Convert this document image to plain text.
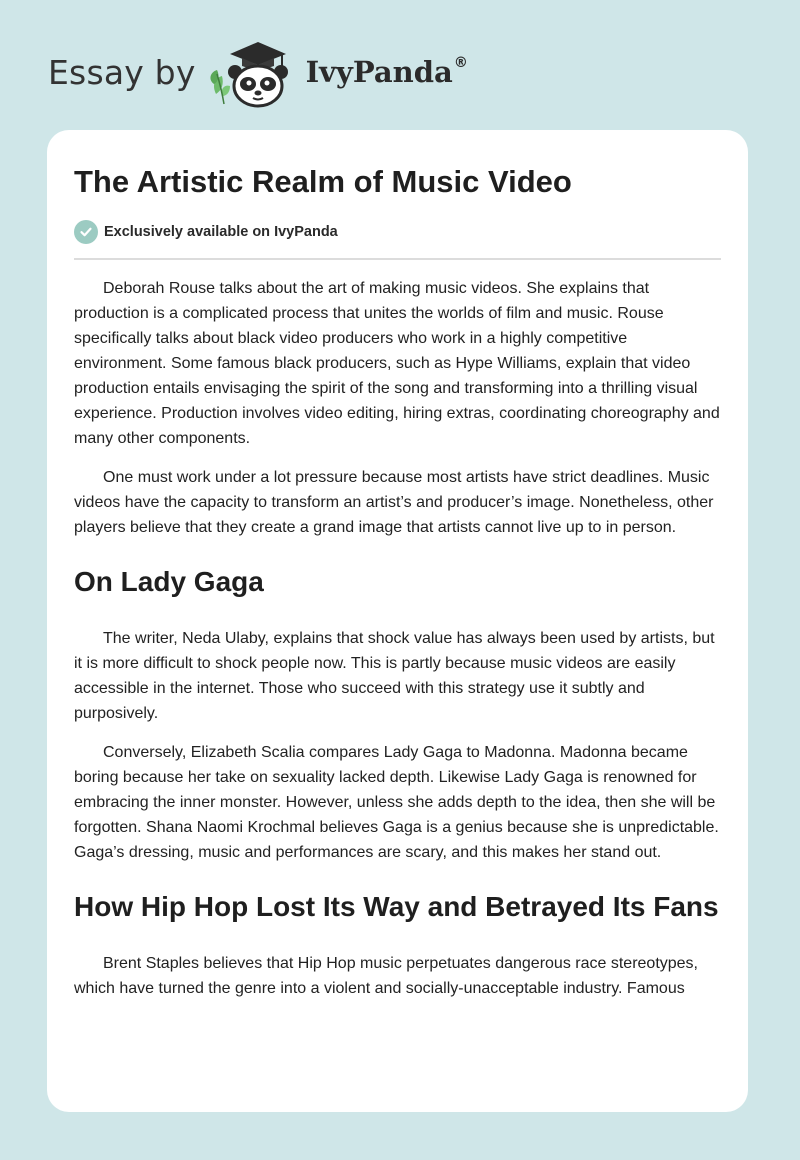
Essay by	IvyPanda®
The Artistic Realm of Music Video
Exclusively available on IvyPanda

Deborah Rouse talks about the art of making music videos. She explains that production is a complicated process that unites the worlds of film and music. Rouse specifically talks about black video producers who work in a highly competitive environment. Some famous black producers, such as Hype Williams, explain that video production entails envisaging the spirit of the song and transforming into a thrilling visual experience. Production involves video editing, hiring extras, coordinating choreography and many other components.

One must work under a lot pressure because most artists have strict deadlines. Music videos have the capacity to transform an artist’s and producer’s image. Nonetheless, other players believe that they create a grand image that artists cannot live up to in person.

On Lady Gaga

The writer, Neda Ulaby, explains that shock value has always been used by artists, but it is more difficult to shock people now. This is partly because music videos are easily accessible in the internet. Those who succeed with this strategy use it subtly and purposively.

Conversely, Elizabeth Scalia compares Lady Gaga to Madonna. Madonna became boring because her take on sexuality lacked depth. Likewise Lady Gaga is renowned for embracing the inner monster. However, unless she adds depth to the idea, then she will be forgotten. Shana Naomi Krochmal believes Gaga is a genius because she is unpredictable. Gaga’s dressing, music and performances are scary, and this makes her stand out.

How Hip Hop Lost Its Way and Betrayed Its Fans

Brent Staples believes that Hip Hop music perpetuates dangerous race stereotypes, which have turned the genre into a violent and socially-unacceptable industry. Famous
